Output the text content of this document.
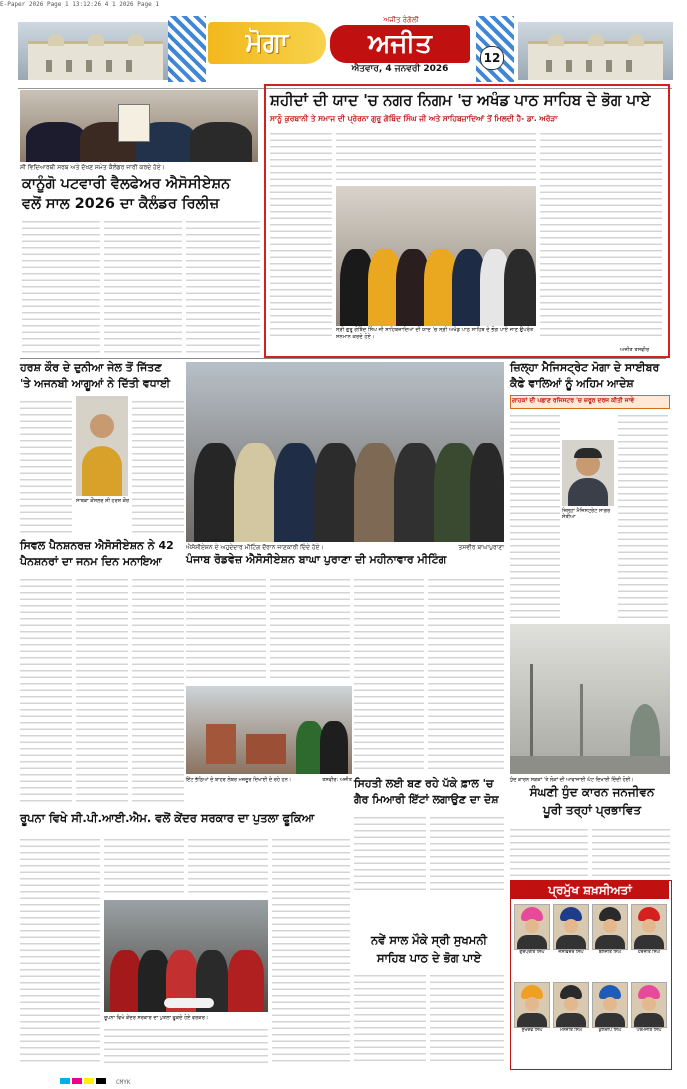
E-Paper 2026 Page 1 13:12:26 4 1 2026 Page 1
ਮੋਗਾ
ਅਜੀਤ ਰੰਗੋਲੀ
ਅਜੀਤ
ਐਤਵਾਰ, 4 ਜਨਵਰੀ 2026
12
ਸੀ ਵਿਦਿਆਰਥੀ ਸਰਬ ਅਤੇ ਦੱਖਣ ਸਮੇਤ ਕੈਲੰਡਰ ਜਾਰੀ ਕਰਦੇ ਹੋਏ।
ਕਾਨੂੰਗੋ ਪਟਵਾਰੀ ਵੈਲਫੇਅਰ ਐਸੋਸੀਏਸ਼ਨ
ਵਲੋਂ ਸਾਲ 2026 ਦਾ ਕੈਲੰਡਰ ਰਿਲੀਜ਼
ਸ਼ਹੀਦਾਂ ਦੀ ਯਾਦ 'ਚ ਨਗਰ ਨਿਗਮ 'ਚ ਅਖੰਡ ਪਾਠ ਸਾਹਿਬ ਦੇ ਭੋਗ ਪਾਏ
ਸਾਨੂੰ ਕੁਰਬਾਨੀ ਤੇ ਸਮਾਜ ਦੀ ਪ੍ਰੇਰਨਾ ਗੁਰੂ ਗੋਬਿੰਦ ਸਿੰਘ ਜੀ ਅਤੇ ਸਾਹਿਬਜ਼ਾਦਿਆਂ ਤੋਂ ਮਿਲਦੀ ਹੈ- ਡਾ. ਅਰੋੜਾ
ਸ੍ਰੀ ਗੁਰੂ ਗੋਬਿੰਦ ਸਿੰਘ ਜੀ ਸਾਹਿਬਜ਼ਾਦਿਆਂ ਦੀ ਯਾਦ 'ਚ ਸ੍ਰੀ ਅਖੰਡ ਪਾਠ ਸਾਹਿਬ ਦੇ ਭੋਗ ਪਾਏ ਜਾਣ ਉਪਰੰਤ ਸਨਮਾਨ ਕਰਦੇ ਹੋਏ।
ਅਜੀਤ ਤਸਵੀਰ
ਹਰਸ਼ ਕੌਰ ਦੇ ਦੁਨੀਆ ਜੇਲ ਤੋਂ ਜਿੱਤਣ
'ਤੇ ਅਜਨਬੀ ਆਗੂਆਂ ਨੇ ਦਿੱਤੀ ਵਧਾਈ
ਸਾਬਕਾ ਕੌਂਸਲਰ ਸ਼ੀ ਹਰਸ਼ ਕੌਰ
ਸਿਵਲ ਪੈਨਸ਼ਨਰਜ਼ ਐਸੋਸੀਏਸ਼ਨ ਨੇ 42
ਪੈਨਸ਼ਨਰਾਂ ਦਾ ਜਨਮ ਦਿਨ ਮਨਾਇਆ
ਐਸੋਸੀਏਸ਼ਨ ਦੇ ਅਹੁਦੇਦਾਰ ਮੀਟਿੰਗ ਦੌਰਾਨ ਜਾਣਕਾਰੀ ਦਿੰਦੇ ਹੋਏ।	ਤਸਵੀਰ ਬਾਘਾਪੁਰਾਣਾ
ਪੰਜਾਬ ਰੋਡਵੇਜ਼ ਐਸੋਸੀਏਸ਼ਨ ਬਾਘਾ ਪੁਰਾਣਾ ਦੀ ਮਹੀਨਾਵਾਰ ਮੀਟਿੰਗ
ਇੱਟ ਭੱਠਿਆਂ ਦੇ ਬਾਹਰ ਲੇਬਰ ਮਜ਼ਦੂਰ ਦਿਖਾਈ ਦੇ ਰਹੇ ਹਨ।	ਤਸਵੀਰ: ਅਜੀਤ ਸਿਹਤੀ ਲਈ ਬਣ ਰਹੇ ਪੱਕੇ ਫ਼ਾਲ 'ਚ
ਗੈਰ ਮਿਆਰੀ ਇੱਟਾਂ ਲਗਾਉਣ ਦਾ ਦੋਸ਼
ਜ਼ਿਲ੍ਹਾ ਮੈਜਿਸਟ੍ਰੇਟ ਮੋਗਾ ਦੇ ਸਾਈਬਰ
ਕੈਫੇ ਵਾਲਿਆਂ ਨੂੰ ਅਹਿਮ ਆਦੇਸ਼
ਗਾਹਕਾਂ ਦੀ ਪਛਾਣ ਰਜਿਸਟਰ 'ਚ ਜ਼ਰੂਰ ਦਰਜ ਕੀਤੀ ਜਾਵੇ
ਜ਼ਿਲ੍ਹਾ ਮੈਜਿਸਟ੍ਰੇਟ ਸਾਗਰ ਸੇਤੀਆ
ਧੁੰਦ ਕਾਰਨ ਸੜਕਾਂ 'ਤੇ ਲੋਕਾਂ ਦੀ ਆਵਾਜਾਈ ਘੱਟ ਦਿਖਾਈ ਦਿੰਦੀ ਹੋਈ।
ਸੰਘਣੀ ਧੁੰਦ ਕਾਰਨ ਜਨਜੀਵਨ
ਪੂਰੀ ਤਰ੍ਹਾਂ ਪ੍ਰਭਾਵਿਤ
ਰੂਪਨਾ ਵਿਖੇ ਸੀ.ਪੀ.ਆਈ.ਐਮ. ਵਲੋਂ ਕੇਂਦਰ ਸਰਕਾਰ ਦਾ ਪੁਤਲਾ ਫੂਕਿਆ
ਰੂਪਨਾ ਵਿਖੇ ਕੇਂਦਰ ਸਰਕਾਰ ਦਾ ਪੁਤਲਾ ਫੂਕਦੇ ਹੋਏ ਵਰਕਰ।
ਨਵੇਂ ਸਾਲ ਮੌਕੇ ਸ੍ਰੀ ਸੁਖਮਨੀ
ਸਾਹਿਬ ਪਾਠ ਦੇ ਭੋਗ ਪਾਏ
ਪ੍ਰਮੁੱਖ ਸ਼ਖ਼ਸੀਅਤਾਂ
ਗੁਰਪ੍ਰੀਤ ਸਿੰਘ	ਜਸਵਿੰਦਰ ਸਿੰਘ	ਬਲਜੀਤ ਸਿੰਘ	ਹਰਜੀਤ ਸਿੰਘ
ਸੁਖਦੇਵ ਸਿੰਘ	ਮਨਜੀਤ ਸਿੰਘ	ਕੁਲਦੀਪ ਸਿੰਘ	ਪਰਮਜੀਤ ਸਿੰਘ
CMYK
